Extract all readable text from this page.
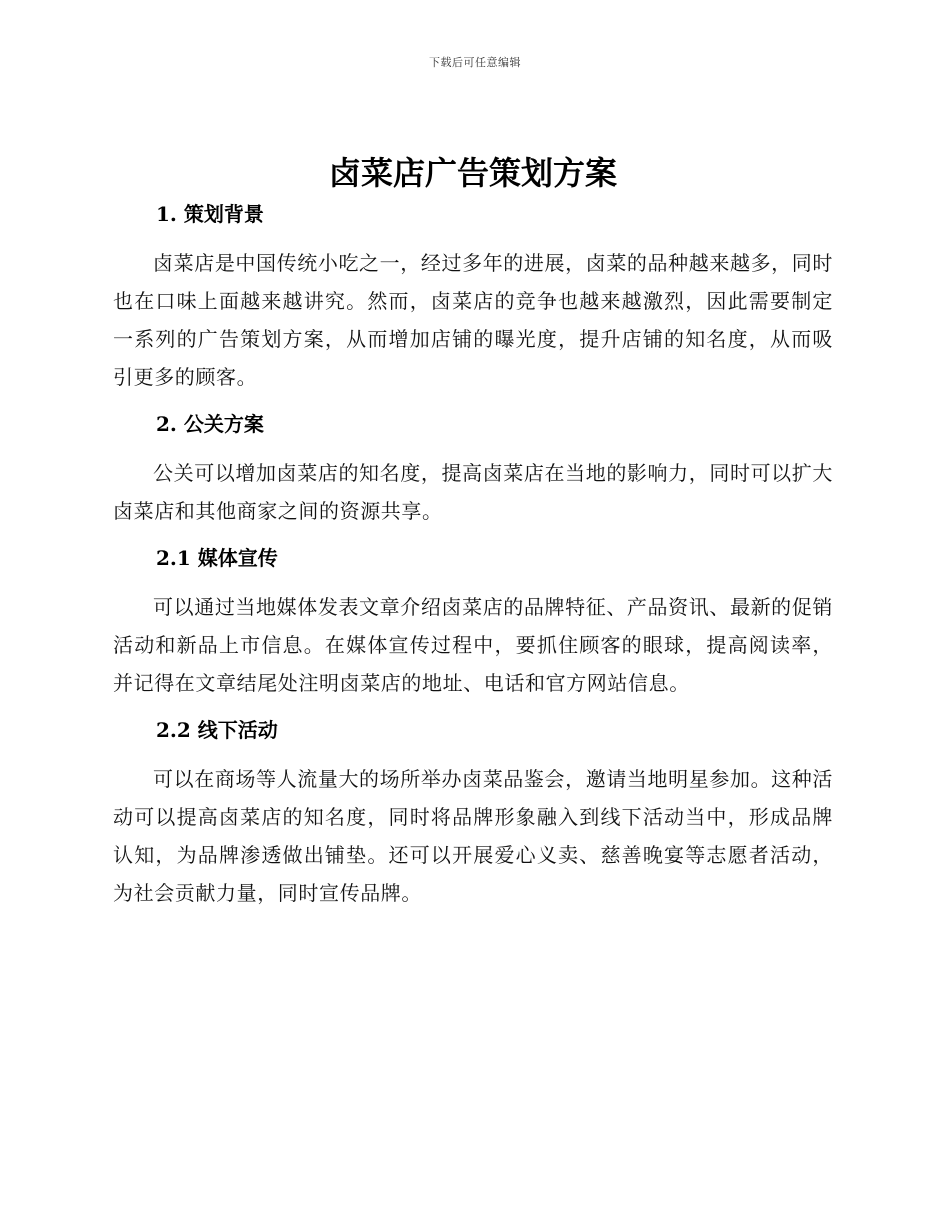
下载后可任意编辑
卤菜店广告策划方案
1. 策划背景

卤菜店是中国传统小吃之一，经过多年的进展，卤菜的品种越来越多，同时也在口味上面越来越讲究。然而，卤菜店的竞争也越来越激烈，因此需要制定一系列的广告策划方案，从而增加店铺的曝光度，提升店铺的知名度，从而吸引更多的顾客。

2. 公关方案

公关可以增加卤菜店的知名度，提高卤菜店在当地的影响力，同时可以扩大卤菜店和其他商家之间的资源共享。

2.1 媒体宣传

可以通过当地媒体发表文章介绍卤菜店的品牌特征、产品资讯、最新的促销活动和新品上市信息。在媒体宣传过程中，要抓住顾客的眼球，提高阅读率，并记得在文章结尾处注明卤菜店的地址、电话和官方网站信息。

2.2 线下活动

可以在商场等人流量大的场所举办卤菜品鉴会，邀请当地明星参加。这种活动可以提高卤菜店的知名度，同时将品牌形象融入到线下活动当中，形成品牌认知，为品牌渗透做出铺垫。还可以开展爱心义卖、慈善晚宴等志愿者活动，为社会贡献力量，同时宣传品牌。
